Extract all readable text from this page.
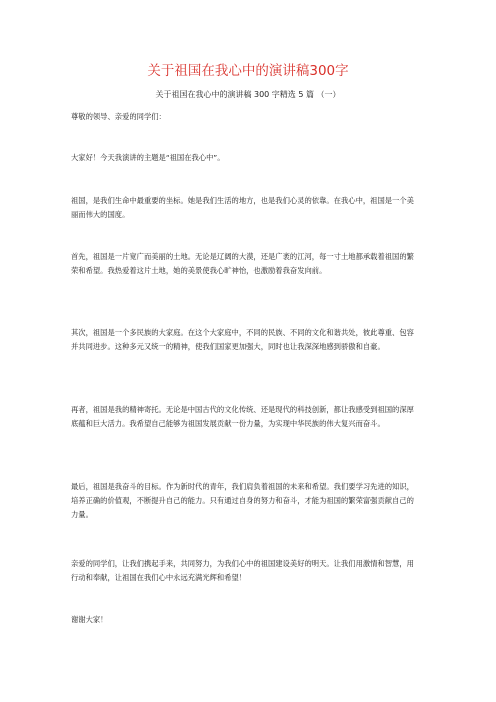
关于祖国在我心中的演讲稿300字
关于祖国在我心中的演讲稿 300 字精选 5 篇 （一）

尊敬的领导、亲爱的同学们：

大家好！今天我演讲的主题是“祖国在我心中”。

祖国，是我们生命中最重要的坐标。她是我们生活的地方，也是我们心灵的依靠。在我心中，祖国是一个美丽而伟大的国度。

首先，祖国是一片宽广而美丽的土地。无论是辽阔的大漠，还是广袤的江河，每一寸土地都承载着祖国的繁荣和希望。我热爱着这片土地，她的美景使我心旷神怡，也激励着我奋发向前。

其次，祖国是一个多民族的大家庭。在这个大家庭中，不同的民族、不同的文化和谐共处，彼此尊重、包容并共同进步。这种多元又统一的精神，使我们国家更加强大，同时也让我深深地感到骄傲和自豪。

再者，祖国是我的精神寄托。无论是中国古代的文化传统、还是现代的科技创新，都让我感受到祖国的深厚底蕴和巨大活力。我希望自己能够为祖国发展贡献一份力量，为实现中华民族的伟大复兴而奋斗。

最后，祖国是我奋斗的目标。作为新时代的青年，我们肩负着祖国的未来和希望。我们要学习先进的知识，培养正确的价值观，不断提升自己的能力。只有通过自身的努力和奋斗，才能为祖国的繁荣富强贡献自己的力量。

亲爱的同学们，让我们携起手来，共同努力，为我们心中的祖国建设美好的明天。让我们用激情和智慧，用行动和奉献，让祖国在我们心中永远充满光辉和希望！

谢谢大家！
